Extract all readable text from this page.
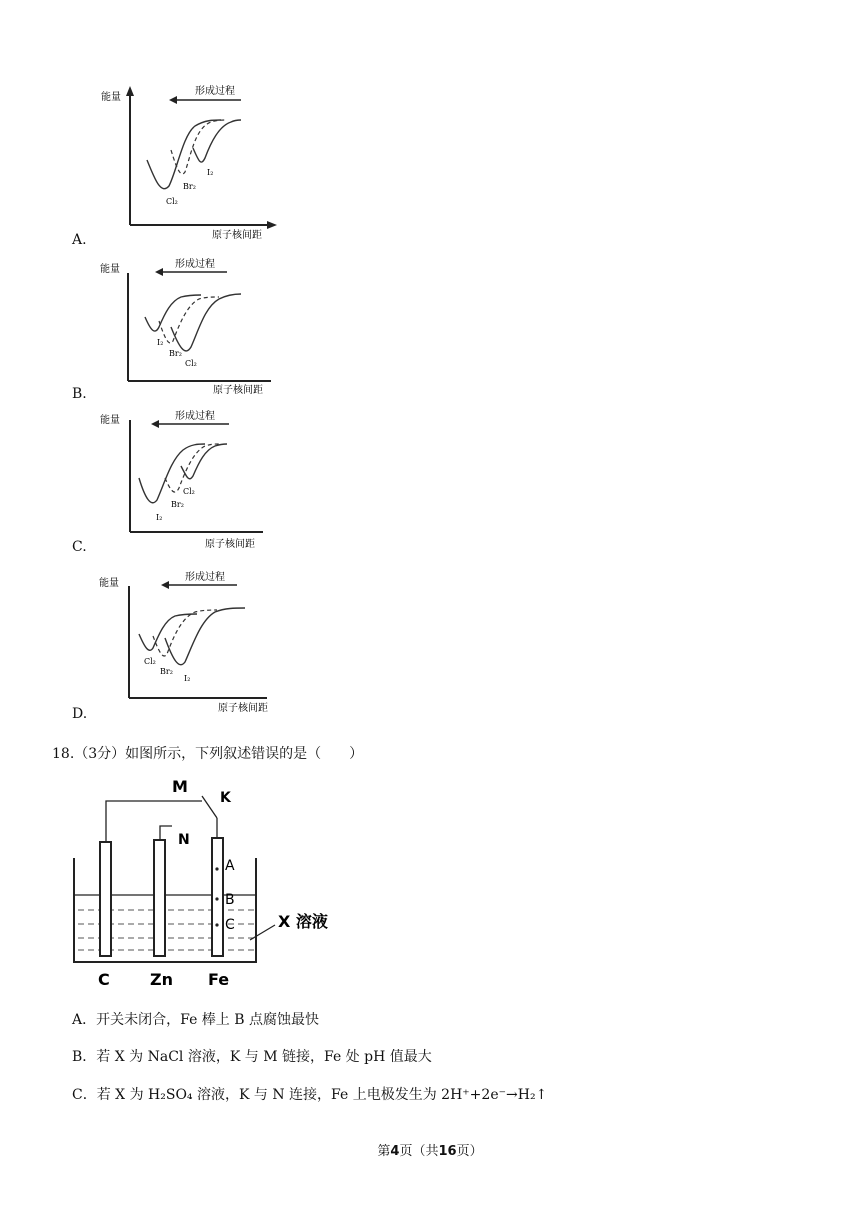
能量
原子核间距
形成过程
Cl₂
Br₂
I₂
A.
能量
原子核间距
形成过程
I₂
Br₂
Cl₂
B.
能量
原子核间距
形成过程
I₂
Br₂
Cl₂
C.
能量
原子核间距
形成过程
Cl₂
Br₂
I₂
D.
18.（3分）如图所示，下列叙述错误的是（　　）
M
K
N
A
B
C	X 溶液
C	Zn Fe
A．开关未闭合，Fe 棒上 B 点腐蚀最快
B．若 X 为 NaCl 溶液，K 与 M 链接，Fe 处 pH 值最大
C．若 X 为 H₂SO₄ 溶液，K 与 N 连接，Fe 上电极发生为 2H⁺+2e⁻→H₂↑
第4页（共16页）
